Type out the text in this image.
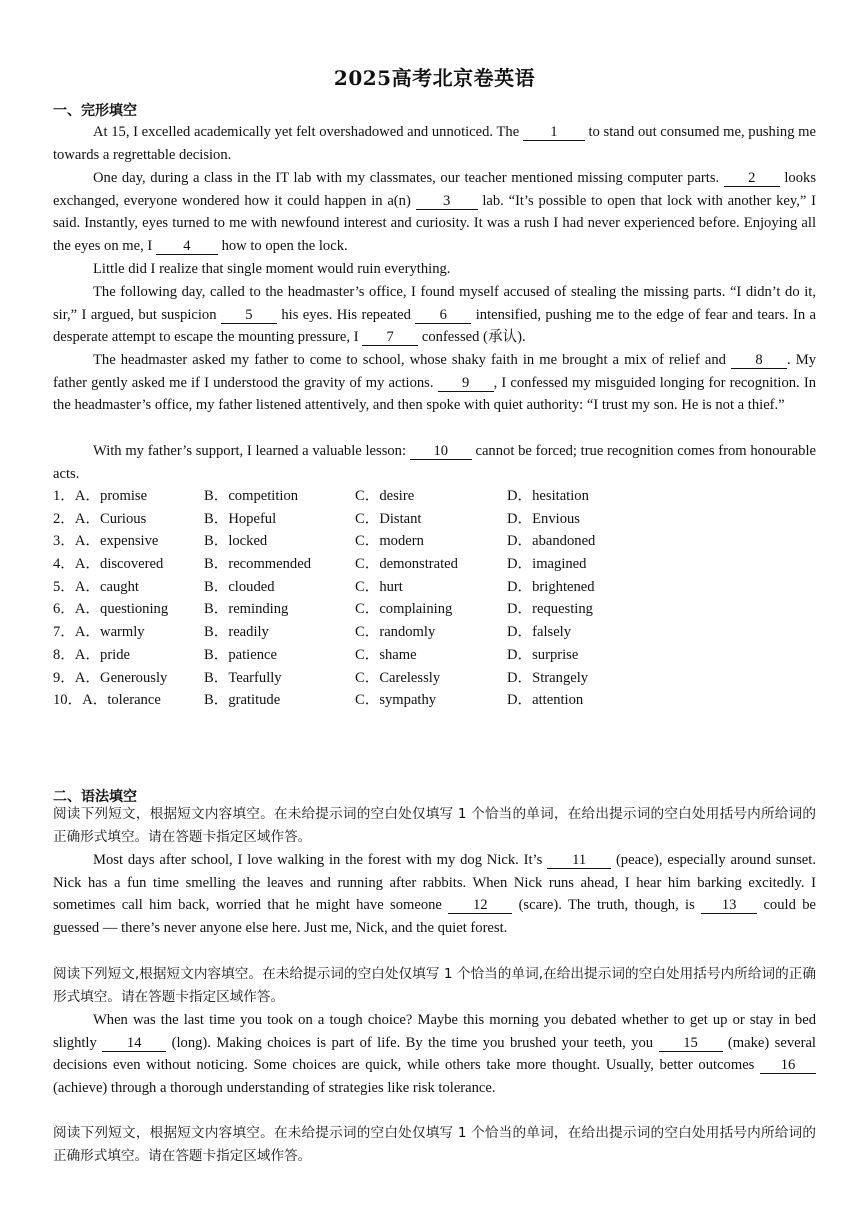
2025高考北京卷英语
一、完形填空
At 15, I excelled academically yet felt overshadowed and unnoticed. The 1 to stand out consumed me, pushing me towards a regrettable decision.
One day, during a class in the IT lab with my classmates, our teacher mentioned missing computer parts. 2 looks exchanged, everyone wondered how it could happen in a(n) 3 lab. “It’s possible to open that lock with another key,” I said. Instantly, eyes turned to me with newfound interest and curiosity. It was a rush I had never experienced before. Enjoying all the eyes on me, I 4 how to open the lock.
Little did I realize that single moment would ruin everything.
The following day, called to the headmaster’s office, I found myself accused of stealing the missing parts. “I didn’t do it, sir,” I argued, but suspicion 5 his eyes. His repeated 6 intensified, pushing me to the edge of fear and tears. In a desperate attempt to escape the mounting pressure, I 7 confessed (承认).
The headmaster asked my father to come to school, whose shaky faith in me brought a mix of relief and 8 . My father gently asked me if I understood the gravity of my actions. 9 , I confessed my misguided longing for recognition. In the headmaster’s office, my father listened attentively, and then spoke with quiet authority: “I trust my son. He is not a thief.”
With my father’s support, I learned a valuable lesson: 10 cannot be forced; true recognition comes from honourable acts.
1．A．promise	B．competition	C．desire	D．hesitation
2．A．Curious	B．Hopeful	C．Distant	D．Envious
3．A．expensive	B．locked	C．modern	D．abandoned
4．A．discovered	B．recommended	C．demonstrated	D．imagined
5．A．caught	B．clouded	C．hurt	D．brightened
6．A．questioning B．reminding	C．complaining	D．requesting
7．A．warmly	B．readily	C．randomly	D．falsely
8．A．pride	B．patience	C．shame	D．surprise
9．A．Generously	B．Tearfully	C．Carelessly	D．Strangely
10．A．tolerance	B．gratitude	C．sympathy	D．attention
二、语法填空
阅读下列短文，根据短文内容填空。在未给提示词的空白处仅填写 1 个恰当的单词，在给出提示词的空白处用括号内所给词的正确形式填空。请在答题卡指定区域作答。
Most days after school, I love walking in the forest with my dog Nick. It’s 11 (peace), especially around sunset. Nick has a fun time smelling the leaves and running after rabbits. When Nick runs ahead, I hear him barking excitedly. I sometimes call him back, worried that he might have someone 12 (scare). The truth, though, is 13 could be guessed — there’s never anyone else here. Just me, Nick, and the quiet forest.
阅读下列短文,根据短文内容填空。在未给提示词的空白处仅填写 1 个恰当的单词,在给出提示词的空白处用括号内所给词的正确形式填空。请在答题卡指定区域作答。
When was the last time you took on a tough choice? Maybe this morning you debated whether to get up or stay in bed slightly 14 (long). Making choices is part of life. By the time you brushed your teeth, you 15 (make) several decisions even without noticing. Some choices are quick, while others take more thought. Usually, better outcomes 16 (achieve) through a thorough understanding of strategies like risk tolerance.
阅读下列短文，根据短文内容填空。在未给提示词的空白处仅填写 1 个恰当的单词，在给出提示词的空白处用括号内所给词的正确形式填空。请在答题卡指定区域作答。
